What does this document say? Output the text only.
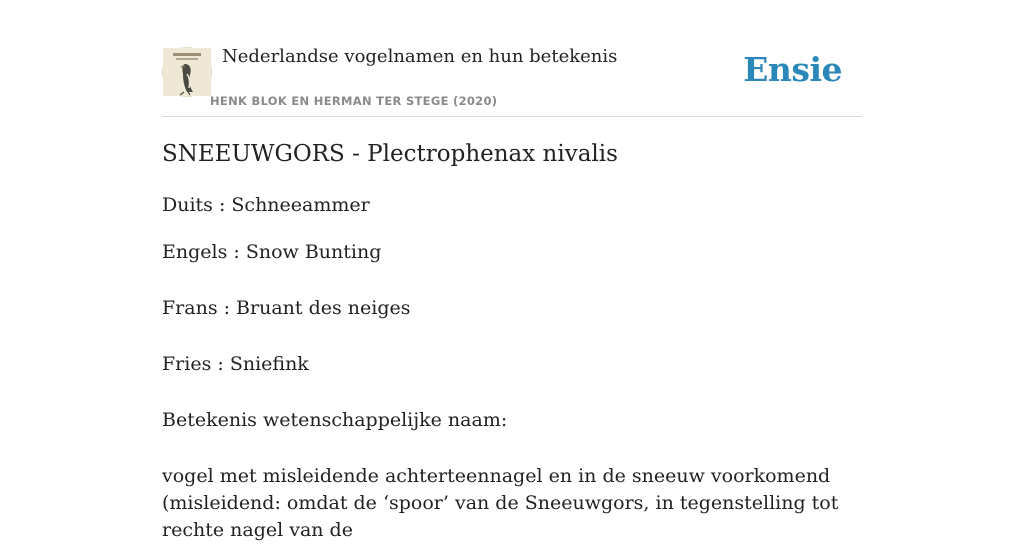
Nederlandse vogelnamen en hun betekenis
HENK BLOK EN HERMAN TER STEGE (2020)
Ensie
SNEEUWGORS - Plectrophenax nivalis
Duits : Schneeammer
Engels : Snow Bunting
Frans : Bruant des neiges
Fries : Sniefink
Betekenis wetenschappelijke naam:
vogel met misleidende achterteennagel en in de sneeuw voorkomend (misleidend: omdat de ‘spoor’ van de Sneeuwgors, in tegenstelling tot rechte nagel van de
